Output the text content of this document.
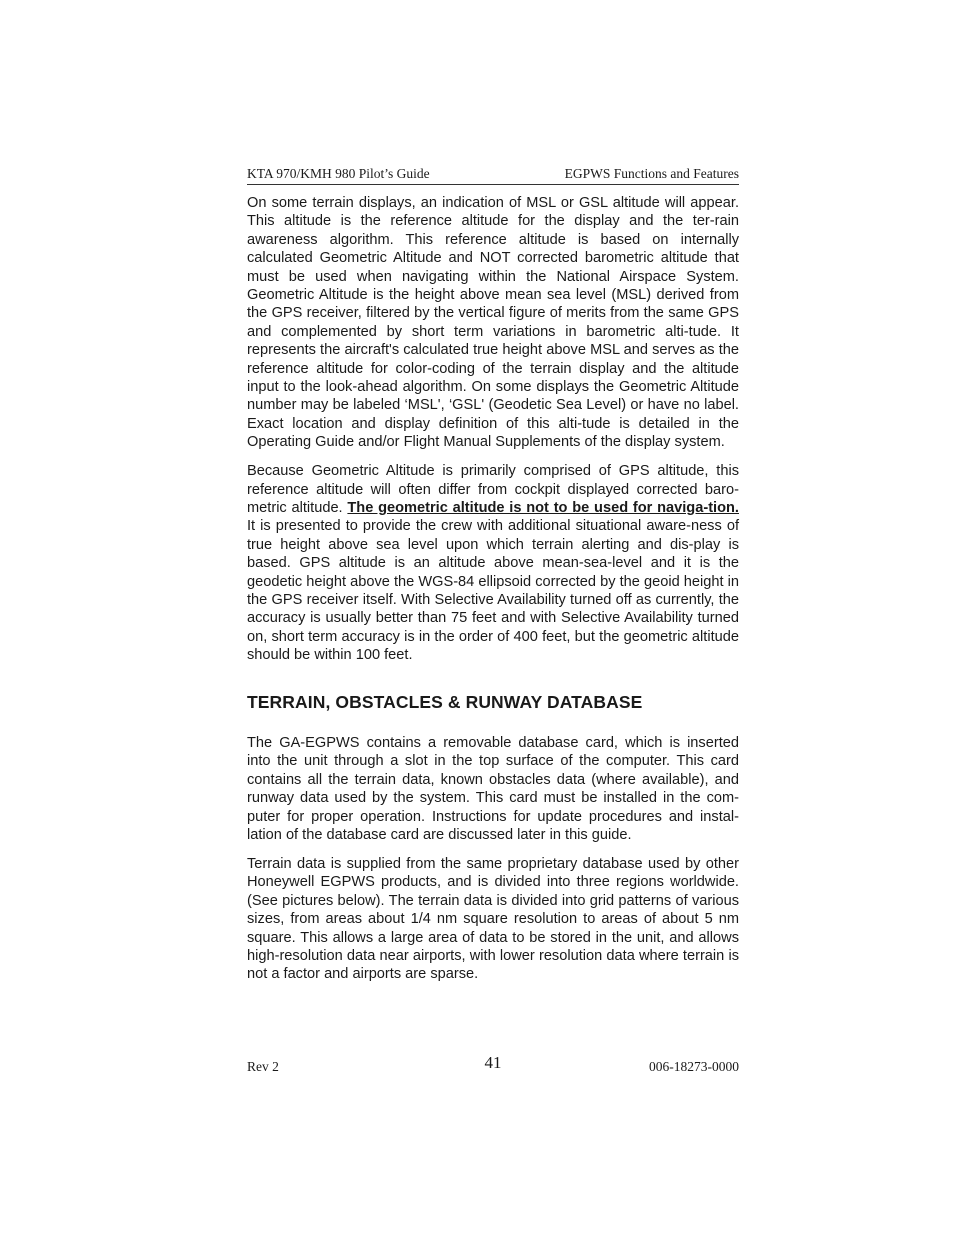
KTA 970/KMH 980 Pilot’s Guide	EGPWS Functions and Features

On some terrain displays, an indication of MSL or GSL altitude will appear. This altitude is the reference altitude for the display and the ter-rain awareness algorithm. This reference altitude is based on internally calculated Geometric Altitude and NOT corrected barometric altitude that must be used when navigating within the National Airspace System. Geometric Altitude is the height above mean sea level (MSL) derived from the GPS receiver, filtered by the vertical figure of merits from the same GPS and complemented by short term variations in barometric alti-tude. It represents the aircraft's calculated true height above MSL and serves as the reference altitude for color-coding of the terrain display and the altitude input to the look-ahead algorithm. On some displays the Geometric Altitude number may be labeled ‘MSL', ‘GSL' (Geodetic Sea Level) or have no label. Exact location and display definition of this alti-tude is detailed in the Operating Guide and/or Flight Manual Supplements of the display system.

Because Geometric Altitude is primarily comprised of GPS altitude, this reference altitude will often differ from cockpit displayed corrected baro-metric altitude. The geometric altitude is not to be used for naviga-tion. It is presented to provide the crew with additional situational aware-ness of true height above sea level upon which terrain alerting and dis-play is based. GPS altitude is an altitude above mean-sea-level and it is the geodetic height above the WGS-84 ellipsoid corrected by the geoid height in the GPS receiver itself. With Selective Availability turned off as currently, the accuracy is usually better than 75 feet and with Selective Availability turned on, short term accuracy is in the order of 400 feet, but the geometric altitude should be within 100 feet.

TERRAIN, OBSTACLES & RUNWAY DATABASE

The GA-EGPWS contains a removable database card, which is inserted into the unit through a slot in the top surface of the computer. This card contains all the terrain data, known obstacles data (where available), and runway data used by the system. This card must be installed in the com-puter for proper operation. Instructions for update procedures and instal-lation of the database card are discussed later in this guide.

Terrain data is supplied from the same proprietary database used by other Honeywell EGPWS products, and is divided into three regions worldwide. (See pictures below). The terrain data is divided into grid patterns of various sizes, from areas about 1/4 nm square resolution to areas of about 5 nm square. This allows a large area of data to be stored in the unit, and allows high-resolution data near airports, with lower resolution data where terrain is not a factor and airports are sparse.

Rev 2	41	006-18273-0000
